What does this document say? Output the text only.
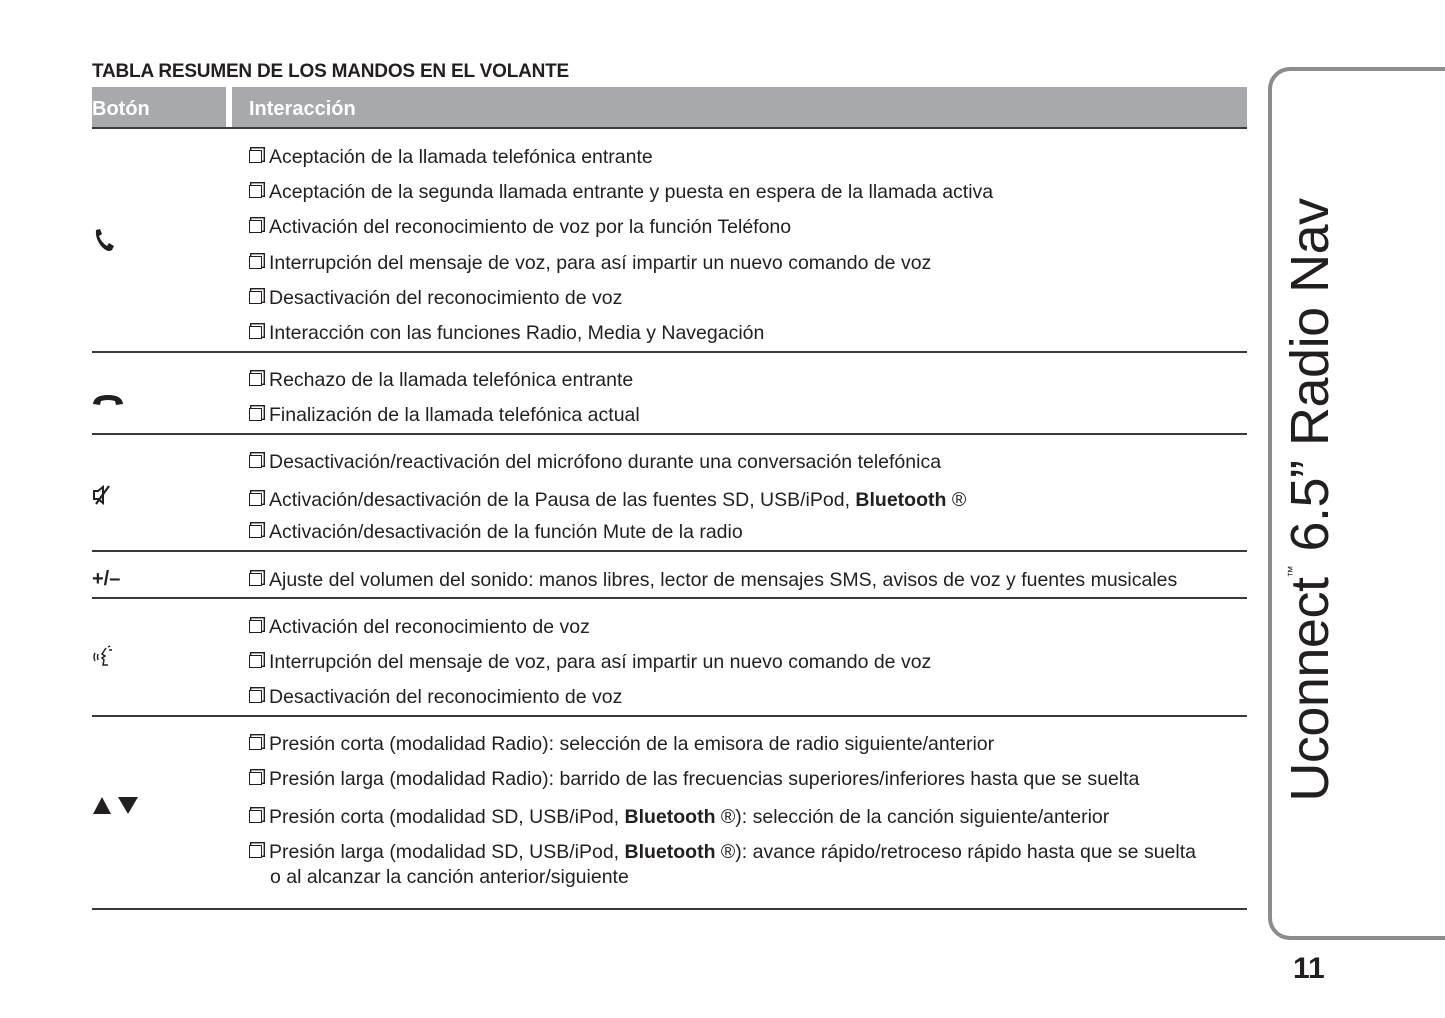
TABLA RESUMEN DE LOS MANDOS EN EL VOLANTE
Botón	Interacción
+/–
Aceptación de la llamada telefónica entrante
Aceptación de la segunda llamada entrante y puesta en espera de la llamada activa
Activación del reconocimiento de voz por la función Teléfono
Interrupción del mensaje de voz, para así impartir un nuevo comando de voz
Desactivación del reconocimiento de voz
Interacción con las funciones Radio, Media y Navegación
Rechazo de la llamada telefónica entrante
Finalización de la llamada telefónica actual
Desactivación/reactivación del micrófono durante una conversación telefónica
Activación/desactivación de la Pausa de las fuentes SD, USB/iPod, Bluetooth ®
Activación/desactivación de la función Mute de la radio
Ajuste del volumen del sonido: manos libres, lector de mensajes SMS, avisos de voz y fuentes musicales
Activación del reconocimiento de voz
Interrupción del mensaje de voz, para así impartir un nuevo comando de voz
Desactivación del reconocimiento de voz
Presión corta (modalidad Radio): selección de la emisora de radio siguiente/anterior
Presión larga (modalidad Radio): barrido de las frecuencias superiores/inferiores hasta que se suelta
Presión corta (modalidad SD, USB/iPod, Bluetooth ®): selección de la canción siguiente/anterior
Presión larga (modalidad SD, USB/iPod, Bluetooth ®): avance rápido/retroceso rápido hasta que se suelta
o al alcanzar la canción anterior/siguiente
Uconnect™ 6.5” Radio Nav
11
